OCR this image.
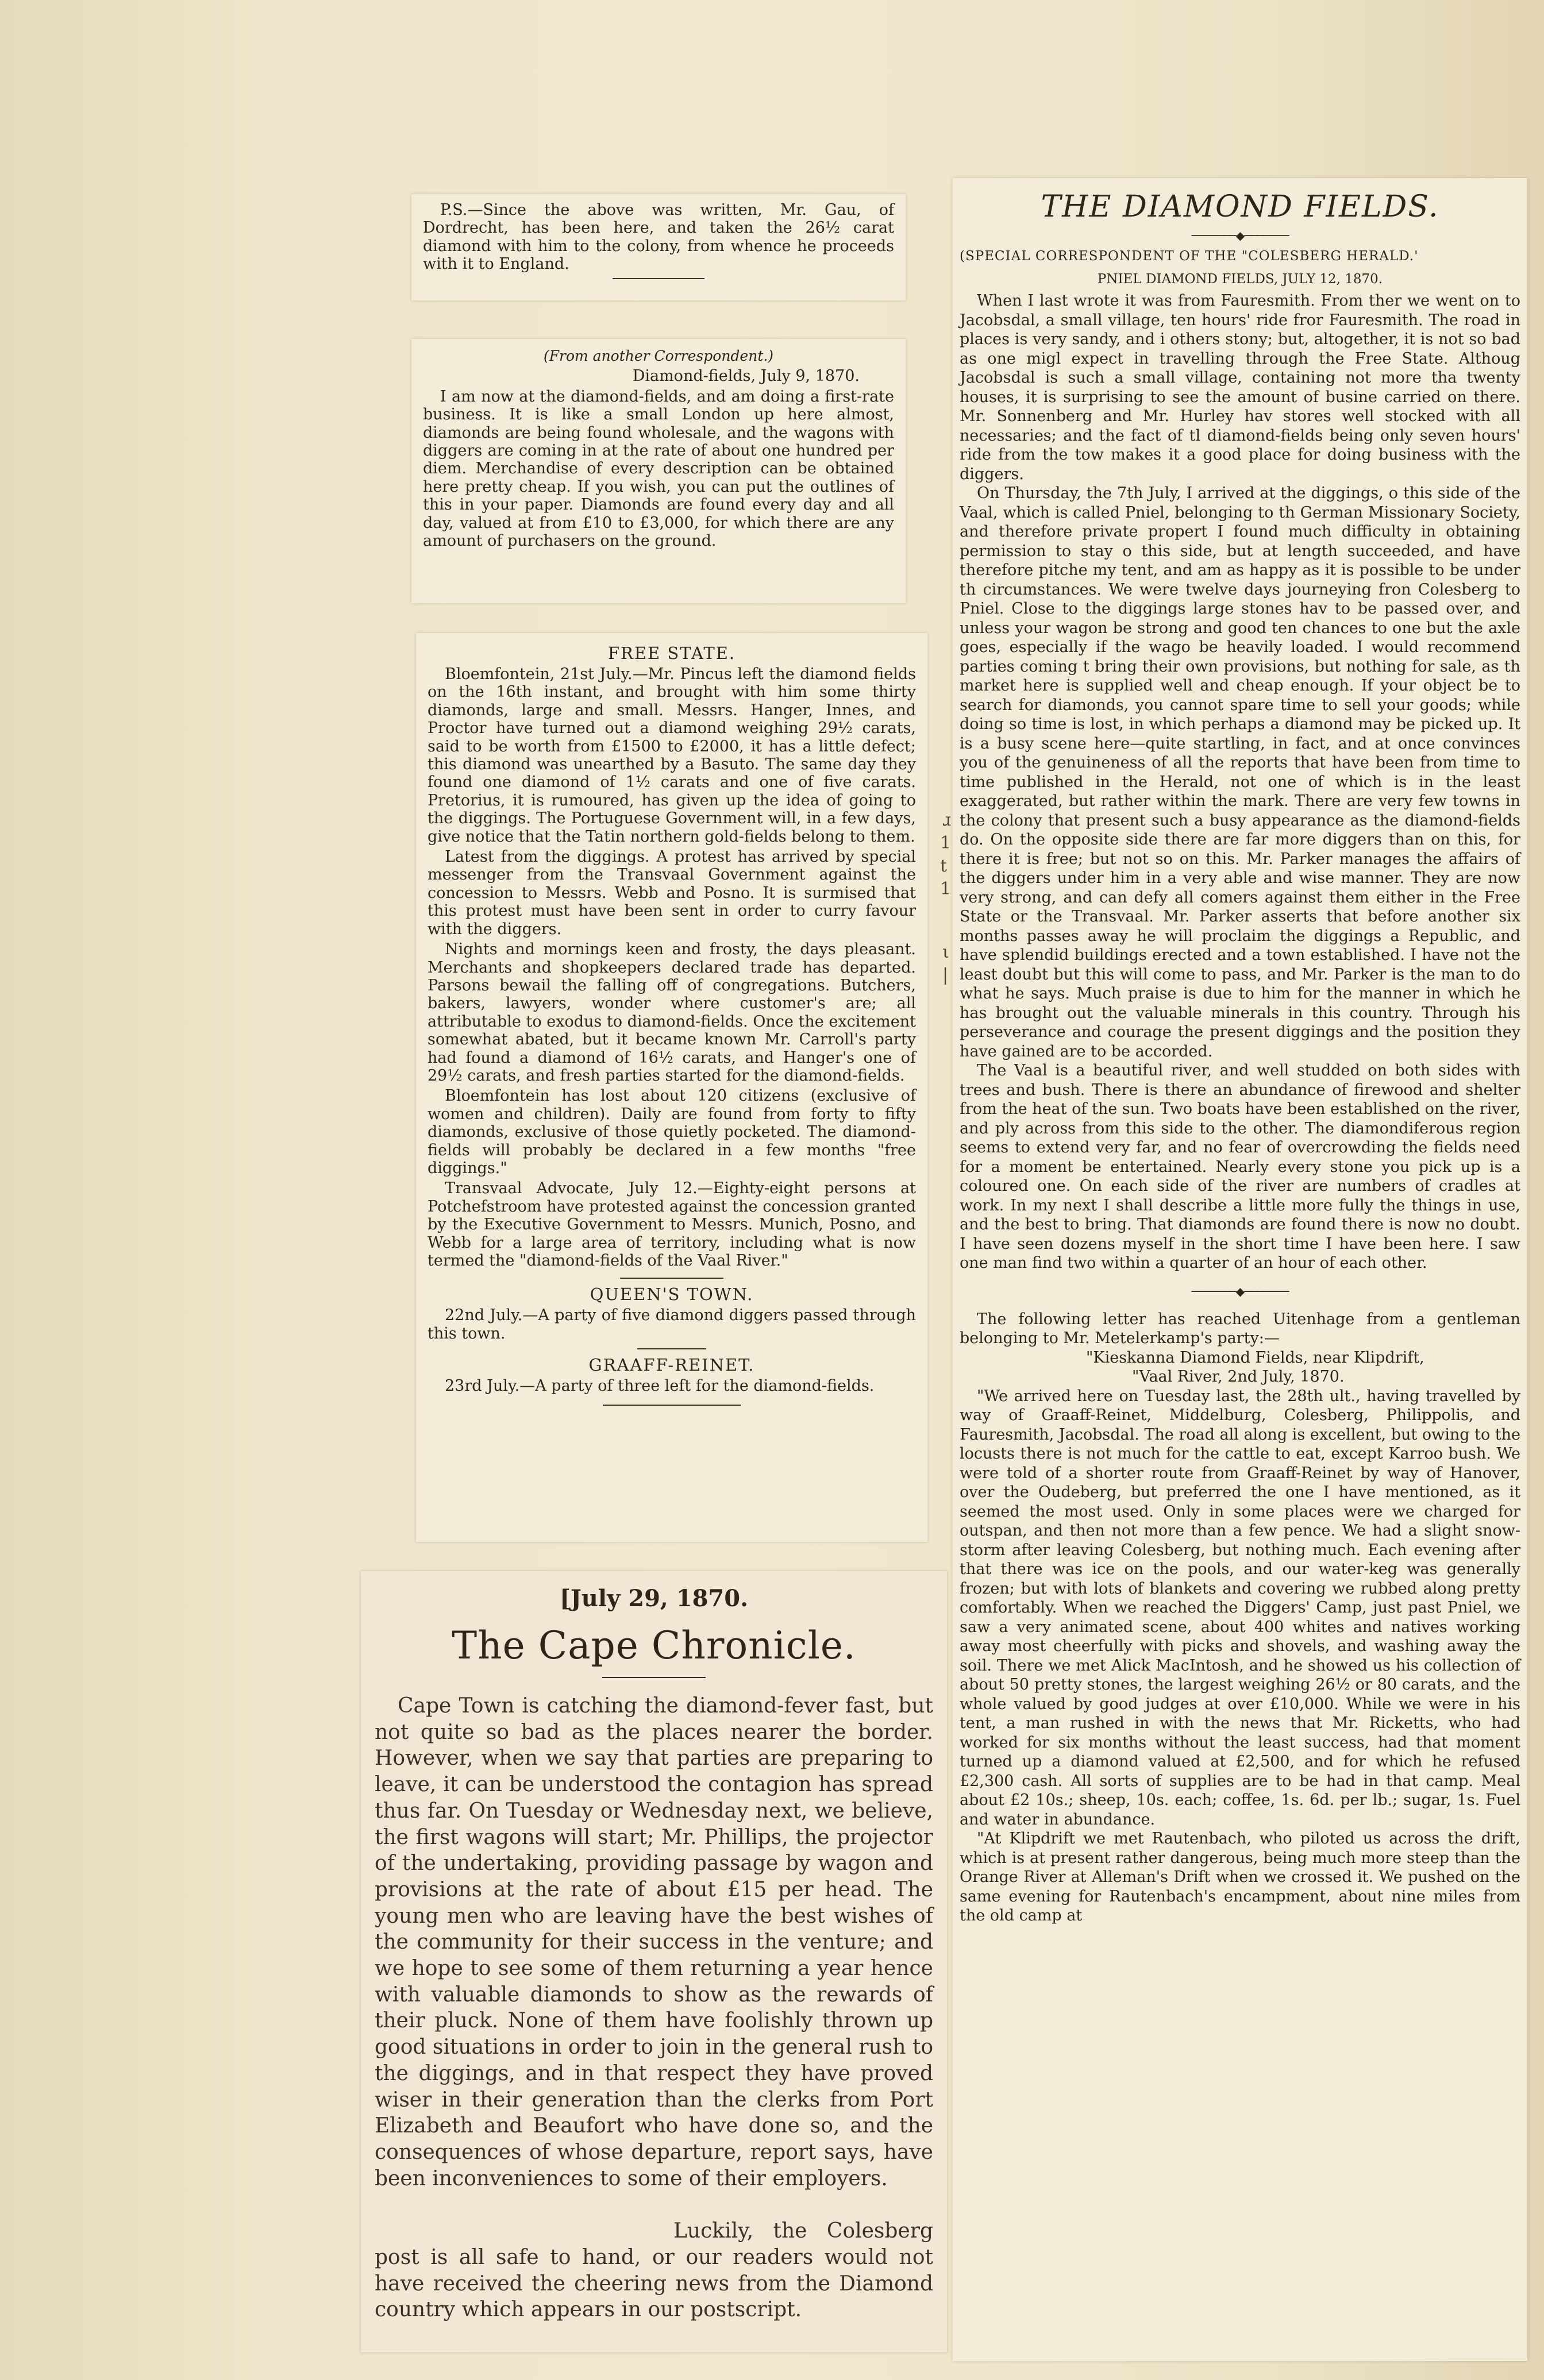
P.S.—Since the above was written, Mr. Gau, of Dordrecht, has been here, and taken the 26½ carat diamond with him to the colony, from whence he proceeds with it to England.

(From another Correspondent.)

Diamond-fields, July 9, 1870.

I am now at the diamond-fields, and am doing a first-rate business. It is like a small London up here almost, diamonds are being found wholesale, and the wagons with diggers are coming in at the rate of about one hundred per diem. Merchandise of every description can be obtained here pretty cheap. If you wish, you can put the outlines of this in your paper. Diamonds are found every day and all day, valued at from £10 to £3,000, for which there are any amount of purchasers on the ground.

FREE STATE.

Bloemfontein, 21st July.—Mr. Pincus left the diamond fields on the 16th instant, and brought with him some thirty diamonds, large and small. Messrs. Hanger, Innes, and Proctor have turned out a diamond weighing 29½ carats, said to be worth from £1500 to £2000, it has a little defect; this diamond was unearthed by a Basuto. The same day they found one diamond of 1½ carats and one of five carats. Pretorius, it is rumoured, has given up the idea of going to the diggings. The Portuguese Government will, in a few days, give notice that the Tatin northern gold-fields belong to them.

Latest from the diggings. A protest has arrived by special messenger from the Transvaal Government against the concession to Messrs. Webb and Posno. It is surmised that this protest must have been sent in order to curry favour with the diggers.

Nights and mornings keen and frosty, the days pleasant. Merchants and shopkeepers declared trade has departed. Parsons bewail the falling off of congregations. Butchers, bakers, lawyers, wonder where customer's are; all attributable to exodus to diamond-fields. Once the excitement somewhat abated, but it became known Mr. Carroll's party had found a diamond of 16½ carats, and Hanger's one of 29½ carats, and fresh parties started for the diamond-fields.

Bloemfontein has lost about 120 citizens (exclusive of women and children). Daily are found from forty to fifty diamonds, exclusive of those quietly pocketed. The diamond-fields will probably be declared in a few months "free diggings."

Transvaal Advocate, July 12.—Eighty-eight persons at Potchefstroom have protested against the concession granted by the Executive Government to Messrs. Munich, Posno, and Webb for a large area of territory, including what is now termed the "diamond-fields of the Vaal River."

QUEEN'S TOWN.

22nd July.—A party of five diamond diggers passed through this town.

GRAAFF-REINET.

23rd July.—A party of three left for the diamond-fields.

[July 29, 1870.

The Cape Chronicle.

Cape Town is catching the diamond-fever fast, but not quite so bad as the places nearer the border. However, when we say that parties are preparing to leave, it can be understood the contagion has spread thus far. On Tuesday or Wednesday next, we believe, the first wagons will start; Mr. Phillips, the projector of the undertaking, providing passage by wagon and provisions at the rate of about £15 per head. The young men who are leaving have the best wishes of the community for their success in the venture; and we hope to see some of them returning a year hence with valuable diamonds to show as the rewards of their pluck. None of them have foolishly thrown up good situations in order to join in the general rush to the diggings, and in that respect they have proved wiser in their generation than the clerks from Port Elizabeth and Beaufort who have done so, and the consequences of whose departure, report says, have been inconveniences to some of their employers.

Luckily, the Colesberg post is all safe to hand, or our readers would not have received the cheering news from the Diamond country which appears in our postscript.

THE DIAMOND FIELDS.

───────◆───────

(SPECIAL CORRESPONDENT OF THE "COLESBERG HERALD.'

PNIEL DIAMOND FIELDS, JULY 12, 1870.

When I last wrote it was from Fauresmith. From ther we went on to Jacobsdal, a small village, ten hours' ride fror Fauresmith. The road in places is very sandy, and i others stony; but, altogether, it is not so bad as one migl expect in travelling through the Free State. Althoug Jacobsdal is such a small village, containing not more tha twenty houses, it is surprising to see the amount of busine carried on there. Mr. Sonnenberg and Mr. Hurley hav stores well stocked with all necessaries; and the fact of tl diamond-fields being only seven hours' ride from the tow makes it a good place for doing business with the diggers.

On Thursday, the 7th July, I arrived at the diggings, o this side of the Vaal, which is called Pniel, belonging to th German Missionary Society, and therefore private propert I found much difficulty in obtaining permission to stay o this side, but at length succeeded, and have therefore pitche my tent, and am as happy as it is possible to be under th circumstances. We were twelve days journeying fron Colesberg to Pniel. Close to the diggings large stones hav to be passed over, and unless your wagon be strong and good ten chances to one but the axle goes, especially if the wago be heavily loaded. I would recommend parties coming t bring their own provisions, but nothing for sale, as th market here is supplied well and cheap enough. If your object be to search for diamonds, you cannot spare time to sell your goods; while doing so time is lost, in which perhaps a diamond may be picked up. It is a busy scene here—quite startling, in fact, and at once convinces you of the genuineness of all the reports that have been from time to time published in the Herald, not one of which is in the least exaggerated, but rather within the mark. There are very few towns in the colony that present such a busy appearance as the diamond-fields do. On the opposite side there are far more diggers than on this, for there it is free; but not so on this. Mr. Parker manages the affairs of the diggers under him in a very able and wise manner. They are now very strong, and can defy all comers against them either in the Free State or the Transvaal. Mr. Parker asserts that before another six months passes away he will proclaim the diggings a Republic, and have splendid buildings erected and a town established. I have not the least doubt but this will come to pass, and Mr. Parker is the man to do what he says. Much praise is due to him for the manner in which he has brought out the valuable minerals in this country. Through his perseverance and courage the present diggings and the position they have gained are to be accorded.

The Vaal is a beautiful river, and well studded on both sides with trees and bush. There is there an abundance of firewood and shelter from the heat of the sun. Two boats have been established on the river, and ply across from this side to the other. The diamondiferous region seems to extend very far, and no fear of overcrowding the fields need for a moment be entertained. Nearly every stone you pick up is a coloured one. On each side of the river are numbers of cradles at work. In my next I shall describe a little more fully the things in use, and the best to bring. That diamonds are found there is now no doubt. I have seen dozens myself in the short time I have been here. I saw one man find two within a quarter of an hour of each other.

───────◆───────

The following letter has reached Uitenhage from a gentleman belonging to Mr. Metelerkamp's party:—

"Kieskanna Diamond Fields, near Klipdrift,

"Vaal River, 2nd July, 1870.

"We arrived here on Tuesday last, the 28th ult., having travelled by way of Graaff-Reinet, Middelburg, Colesberg, Philippolis, and Fauresmith, Jacobsdal. The road all along is excellent, but owing to the locusts there is not much for the cattle to eat, except Karroo bush. We were told of a shorter route from Graaff-Reinet by way of Hanover, over the Oudeberg, but preferred the one I have mentioned, as it seemed the most used. Only in some places were we charged for outspan, and then not more than a few pence. We had a slight snow-storm after leaving Colesberg, but nothing much. Each evening after that there was ice on the pools, and our water-keg was generally frozen; but with lots of blankets and covering we rubbed along pretty comfortably. When we reached the Diggers' Camp, just past Pniel, we saw a very animated scene, about 400 whites and natives working away most cheerfully with picks and shovels, and washing away the soil. There we met Alick MacIntosh, and he showed us his collection of about 50 pretty stones, the largest weighing 26½ or 80 carats, and the whole valued by good judges at over £10,000. While we were in his tent, a man rushed in with the news that Mr. Ricketts, who had worked for six months without the least success, had that moment turned up a diamond valued at £2,500, and for which he refused £2,300 cash. All sorts of supplies are to be had in that camp. Meal about £2 10s.; sheep, 10s. each; coffee, 1s. 6d. per lb.; sugar, 1s. Fuel and water in abundance.

"At Klipdrift we met Rautenbach, who piloted us across the drift, which is at present rather dangerous, being much more steep than the Orange River at Alleman's Drift when we crossed it. We pushed on the same evening for Rautenbach's encampment, about nine miles from the old camp at

ɹ
1
t
1
ι
|
